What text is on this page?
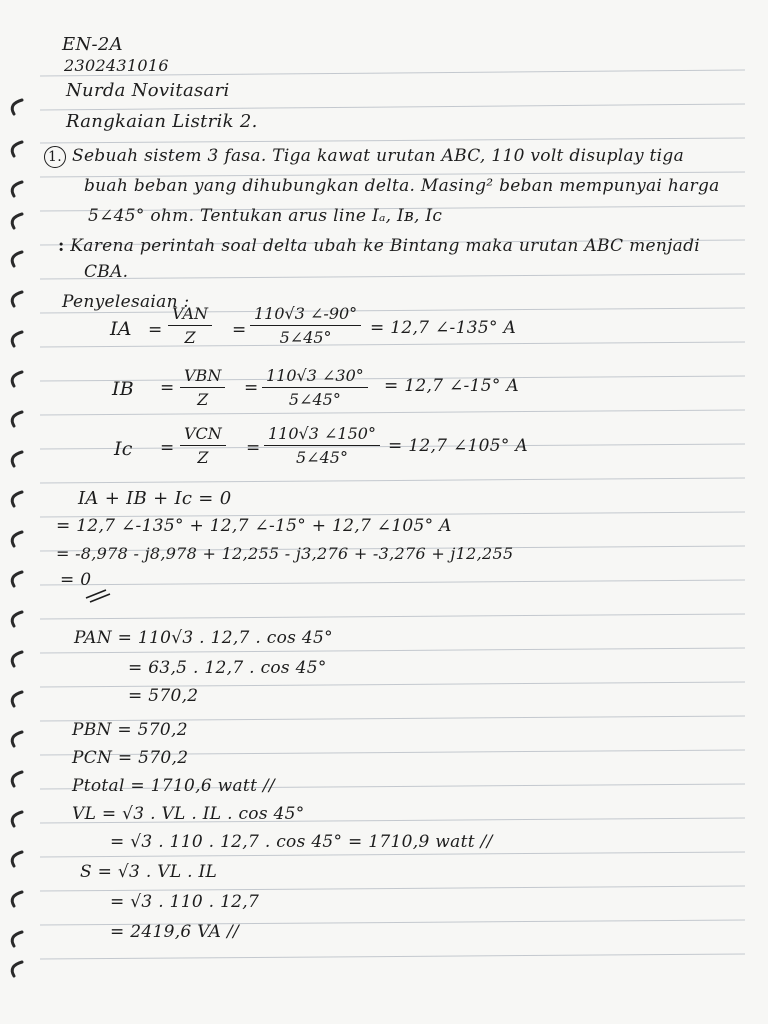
EN-2A
2302431016
Nurda Novitasari
Rangkaian Listrik 2.
1. Sebuah sistem 3 fasa. Tiga kawat urutan ABC, 110 volt disuplay tiga
buah beban yang dihubungkan delta. Masing² beban mempunyai harga
5∠45° ohm. Tentukan arus line Iₐ, Iʙ, Iᴄ
: Karena perintah soal delta ubah ke Bintang maka urutan ABC menjadi
CBA.
Penyelesaian :
IA =
VAN
Z	= $\frac{110√3 \angle-90^\circ}{5\angle 45^\circ} = 12,7$ ∠-135° A
IB =
VBN
Z
= $\frac{110√3 \angle 30^\circ}{5\angle 45^\circ} = 12,7$ ∠-15° A
Ic =
VCN
Z	= $\frac{110√3 \angle 150^\circ}{5\angle 45^\circ} = 12,7$ ∠105° A
IA + IB + Ic = 0
= 12,7 ∠-135° + 12,7 ∠-15° + 12,7 ∠105° A
= -8,978 - j8,978 + 12,255 - j3,276 + -3,276 + j12,255
= 0
PAN = 110√3 . 12,7 . cos 45°
= 63,5 . 12,7 . cos 45°
= 570,2
PBN = 570,2
PCN = 570,2
Ptotal = 1710,6 watt //
VL = √3 . VL . IL . cos 45°
= √3 . 110 . 12,7 . cos 45° = 1710,9 watt //
S = √3 . VL . IL
= √3 . 110 . 12,7
= 2419,6 VA //
